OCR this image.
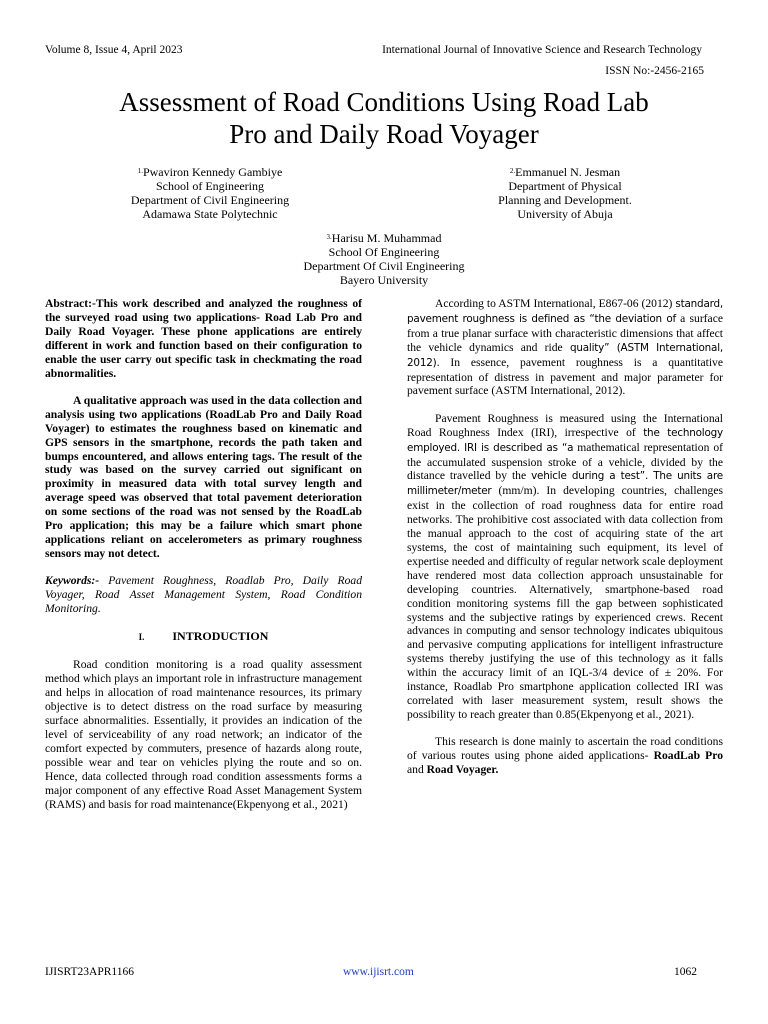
Volume 8, Issue 4, April 2023	International Journal of Innovative Science and Research Technology
ISSN No:-2456-2165
Assessment of Road Conditions Using Road Lab
Pro and Daily Road Voyager
$^{1.}$Pwaviron Kennedy Gambiye
School of Engineering
Department of Civil Engineering
Adamawa State Polytechnic
$^{2.}$Emmanuel N. Jesman
Department of Physical
Planning and Development.
University of Abuja
$^{3.}$Harisu M. Muhammad
School Of Engineering
Department Of Civil Engineering
Bayero University

Abstract:-This work described and analyzed the roughness of the surveyed road using two applications- Road Lab Pro and Daily Road Voyager. These phone applications are entirely different in work and function based on their configuration to enable the user carry out specific task in checkmating the road abnormalities.

A qualitative approach was used in the data collection and analysis using two applications (RoadLab Pro and Daily Road Voyager) to estimates the roughness based on kinematic and GPS sensors in the smartphone, records the path taken and bumps encountered, and allows entering tags. The result of the study was based on the survey carried out significant on proximity in measured data with total survey length and average speed was observed that total pavement deterioration on some sections of the road was not sensed by the RoadLab Pro application; this may be a failure which smart phone applications reliant on accelerometers as primary roughness sensors may not detect.

Keywords:- Pavement Roughness, Roadlab Pro, Daily Road Voyager, Road Asset Management System, Road Condition Monitoring.

I. INTRODUCTION

Road condition monitoring is a road quality assessment method which plays an important role in infrastructure management and helps in allocation of road maintenance resources, its primary objective is to detect distress on the road surface by measuring surface abnormalities. Essentially, it provides an indication of the level of serviceability of any road network; an indicator of the comfort expected by commuters, presence of hazards along route, possible wear and tear on vehicles plying the route and so on. Hence, data collected through road condition assessments forms a major component of any effective Road Asset Management System (RAMS) and basis for road maintenance(Ekpenyong et al., 2021)

According to ASTM International, E867-06 (2012) standard, pavement roughness is defined as “the deviation of a surface from a true planar surface with characteristic dimensions that affect the vehicle dynamics and ride quality” (ASTM International, 2012). In essence, pavement roughness is a quantitative representation of distress in pavement and major parameter for pavement surface (ASTM International, 2012).

Pavement Roughness is measured using the International Road Roughness Index (IRI), irrespective of the technology employed. IRI is described as “a mathematical representation of the accumulated suspension stroke of a vehicle, divided by the distance travelled by the vehicle during a test”. The units are millimeter/meter (mm/m). In developing countries, challenges exist in the collection of road roughness data for entire road networks. The prohibitive cost associated with data collection from the manual approach to the cost of acquiring state of the art systems, the cost of maintaining such equipment, its level of expertise needed and difficulty of regular network scale deployment have rendered most data collection approach unsustainable for developing countries. Alternatively, smartphone-based road condition monitoring systems fill the gap between sophisticated systems and the subjective ratings by experienced crews. Recent advances in computing and sensor technology indicates ubiquitous and pervasive computing applications for intelligent infrastructure systems thereby justifying the use of this technology as it falls within the accuracy limit of an IQL-3/4 device of ± 20%. For instance, Roadlab Pro smartphone application collected IRI was correlated with laser measurement system, result shows the possibility to reach greater than 0.85(Ekpenyong et al., 2021).

This research is done mainly to ascertain the road conditions of various routes using phone aided applications- RoadLab Pro and Road Voyager.

IJISRT23APR1166	www.ijisrt.com	1062
